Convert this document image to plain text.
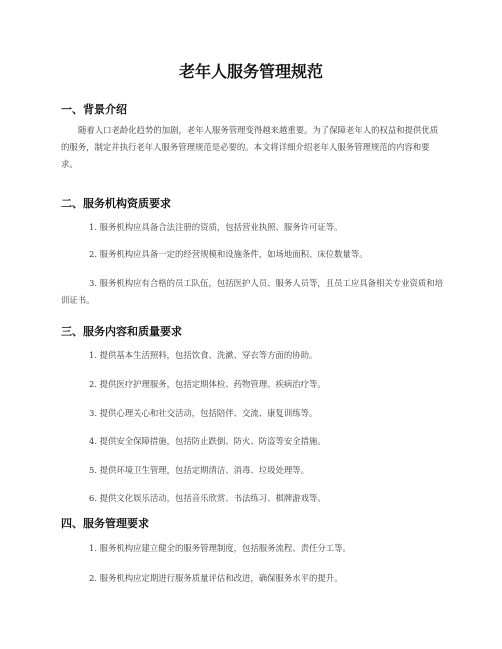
老年人服务管理规范
一、背景介绍
随着人口老龄化趋势的加剧，老年人服务管理变得越来越重要。为了保障老年人的权益和提供优质的服务，制定并执行老年人服务管理规范是必要的。本文将详细介绍老年人服务管理规范的内容和要求。
二、服务机构资质要求
1. 服务机构应具备合法注册的资质，包括营业执照、服务许可证等。
2. 服务机构应具备一定的经营规模和设施条件，如场地面积、床位数量等。
3. 服务机构应有合格的员工队伍，包括医护人员、服务人员等，且员工应具备相关专业资质和培训证书。
三、服务内容和质量要求
1. 提供基本生活照料，包括饮食、洗漱、穿衣等方面的协助。
2. 提供医疗护理服务，包括定期体检、药物管理、疾病治疗等。
3. 提供心理关心和社交活动，包括陪伴、交流、康复训练等。
4. 提供安全保障措施，包括防止跌倒、防火、防盗等安全措施。
5. 提供环境卫生管理，包括定期清洁、消毒、垃圾处理等。
6. 提供文化娱乐活动，包括音乐欣赏、书法练习、棋牌游戏等。
四、服务管理要求
1. 服务机构应建立健全的服务管理制度，包括服务流程、责任分工等。
2. 服务机构应定期进行服务质量评估和改进，确保服务水平的提升。
